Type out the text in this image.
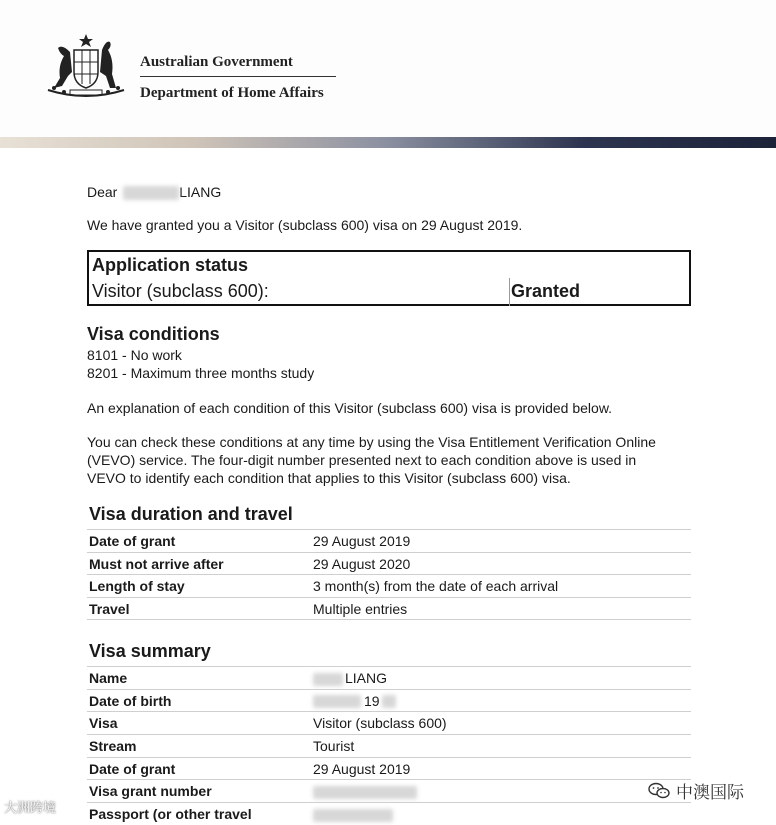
Australian Government
Department of Home Affairs
Dear	LIANG
We have granted you a Visitor (subclass 600) visa on 29 August 2019.
Application status
Visitor (subclass 600):	Granted
Visa conditions
8101 - No work
8201 - Maximum three months study
An explanation of each condition of this Visitor (subclass 600) visa is provided below.
You can check these conditions at any time by using the Visa Entitlement Verification Online
(VEVO) service. The four-digit number presented next to each condition above is used in
VEVO to identify each condition that applies to this Visitor (subclass 600) visa.
Visa duration and travel
Date of grant	29 August 2019
Must not arrive after	29 August 2020
Length of stay	3 month(s) from the date of each arrival
Travel	Multiple entries
Visa summary
Name	LIANG
Date of birth	19
Visa	Visitor (subclass 600)
Stream	Tourist
Date of grant	29 August 2019
Visa grant number
Passport (or other travel
大洲跨境
中澳国际
